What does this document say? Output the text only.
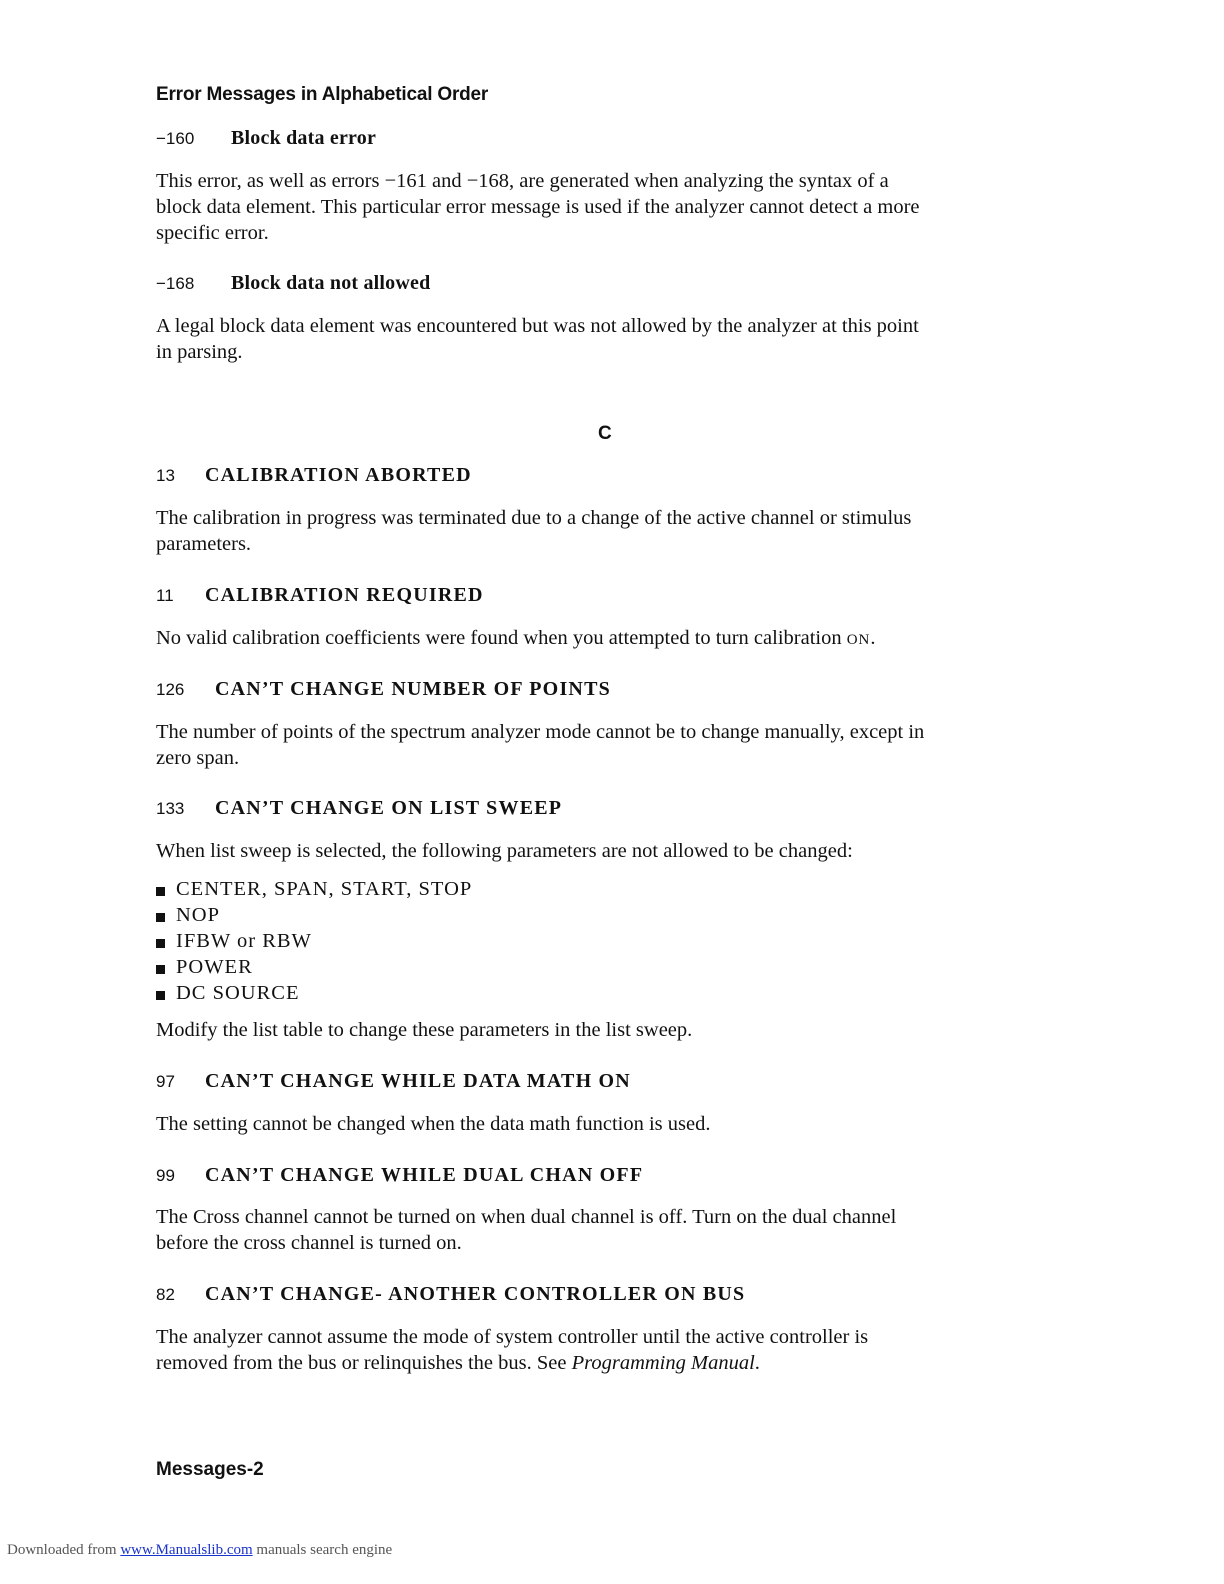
Error Messages in Alphabetical Order
−160	Block data error

This error, as well as errors −161 and −168, are generated when analyzing the syntax of a
block data element. This particular error message is used if the analyzer cannot detect a more
specific error.

−168	Block data not allowed

A legal block data element was encountered but was not allowed by the analyzer at this point
in parsing.

C
13	CALIBRATION ABORTED

The calibration in progress was terminated due to a change of the active channel or stimulus
parameters.

11	CALIBRATION REQUIRED

No valid calibration coefficients were found when you attempted to turn calibration ON.

126	CAN’T CHANGE NUMBER OF POINTS

The number of points of the spectrum analyzer mode cannot be to change manually, except in
zero span.

133	CAN’T CHANGE ON LIST SWEEP

When list sweep is selected, the following parameters are not allowed to be changed:

CENTER, SPAN, START, STOP
NOP
IFBW or RBW
POWER
DC SOURCE

Modify the list table to change these parameters in the list sweep.

97	CAN’T CHANGE WHILE DATA MATH ON

The setting cannot be changed when the data math function is used.

99	CAN’T CHANGE WHILE DUAL CHAN OFF

The Cross channel cannot be turned on when dual channel is off. Turn on the dual channel
before the cross channel is turned on.

82	CAN’T CHANGE- ANOTHER CONTROLLER ON BUS

The analyzer cannot assume the mode of system controller until the active controller is
removed from the bus or relinquishes the bus. See Programming Manual.

Messages-2
Downloaded from www.Manualslib.com manuals search engine
